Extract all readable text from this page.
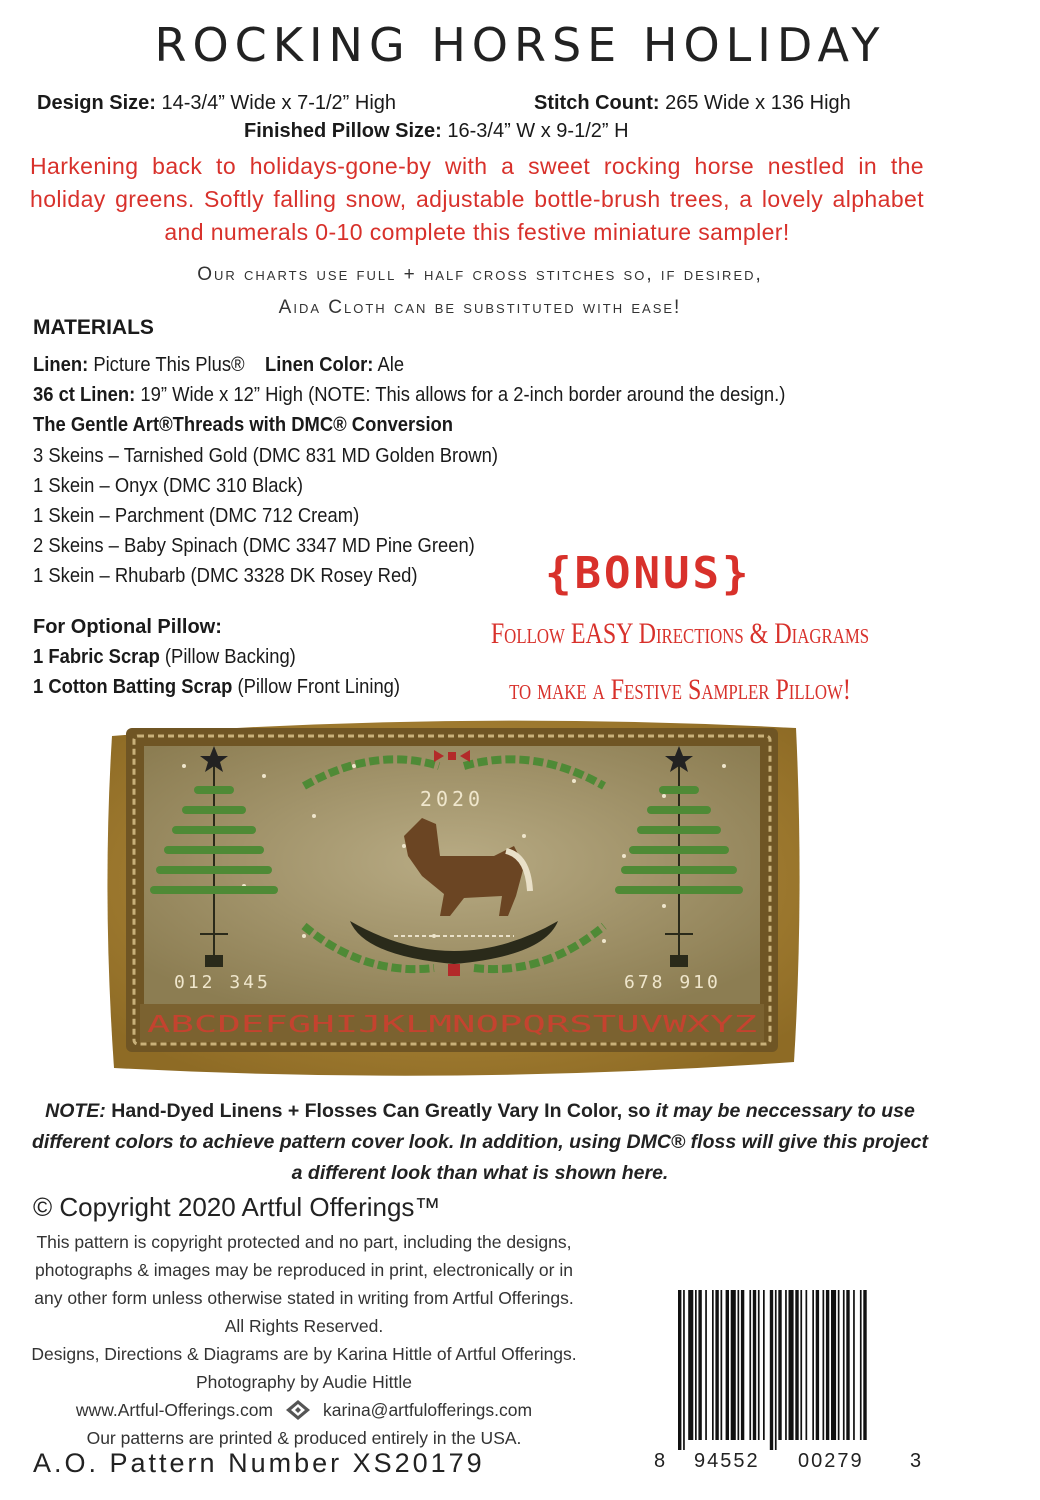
ROCKING HORSE HOLIDAY
Design Size: 14-3/4” Wide x 7-1/2” High	Stitch Count: 265 Wide x 136 High
Finished Pillow Size: 16-3/4” W x 9-1/2” H
Harkening back to holidays-gone-by with a sweet rocking horse nestled in the holiday greens. Softly falling snow, adjustable bottle-brush trees, a lovely alphabet and numerals 0-10 complete this festive miniature sampler!
Our charts use full + half cross stitches so, if desired,
Aida Cloth can be substituted with ease!
MATERIALS
Linen: Picture This Plus® Linen Color: Ale
36 ct Linen: 19” Wide x 12” High (NOTE: This allows for a 2-inch border around the design.)
The Gentle Art®Threads with DMC® Conversion
3 Skeins – Tarnished Gold (DMC 831 MD Golden Brown)
1 Skein – Onyx (DMC 310 Black)
1 Skein – Parchment (DMC 712 Cream)
2 Skeins – Baby Spinach (DMC 3347 MD Pine Green)
1 Skein – Rhubarb (DMC 3328 DK Rosey Red)
For Optional Pillow:
1 Fabric Scrap (Pillow Backing)
1 Cotton Batting Scrap (Pillow Front Lining)
{BONUS}
Follow EASY Directions & Diagrams
to make a Festive Sampler Pillow!
2020
012 345	678 910
ABCDEFGHIJKLMNOPQRSTUVWXYZ
NOTE: Hand-Dyed Linens + Flosses Can Greatly Vary In Color, so it may be neccessary to use different colors to achieve pattern cover look. In addition, using DMC® floss will give this project a different look than what is shown here.
© Copyright 2020 Artful Offerings™
This pattern is copyright protected and no part, including the designs,
photographs & images may be reproduced in print, electronically or in
any other form unless otherwise stated in writing from Artful Offerings.
All Rights Reserved.
Designs, Directions & Diagrams are by Karina Hittle of Artful Offerings.
Photography by Audie Hittle
www.Artful-Offerings.com	karina@artfulofferings.com
Our patterns are printed & produced entirely in the USA.
A.O. Pattern Number XS20179	8 94552 00279 3
